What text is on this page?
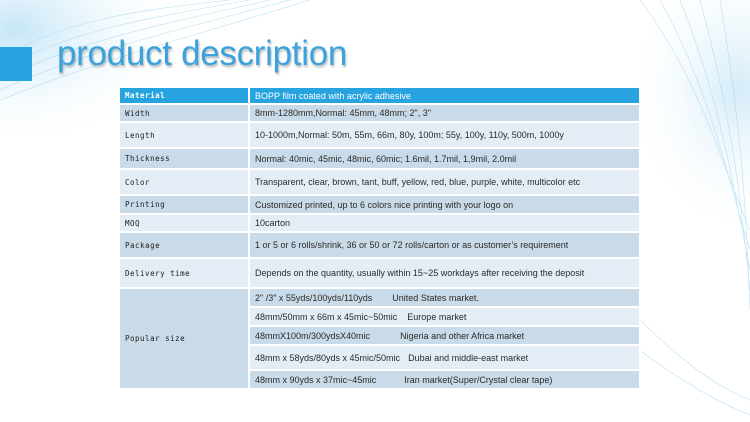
product description
Material	BOPP film coated with acrylic adhesive
Width	8mm-1280mm,Normal: 45mm, 48mm; 2", 3"
Length	10-1000m,Normal: 50m, 55m, 66m, 80y, 100m; 55y, 100y, 110y, 500m, 1000y
Thickness	Normal: 40mic, 45mic, 48mic, 60mic; 1.6mil, 1.7mil, 1,9mil, 2.0mil
Color	Transparent, clear, brown, tant, buff, yellow, red, blue, purple, white, multicolor etc
Printing	Customized printed, up to 6 colors nice printing with your logo on
MOQ	10carton
Package	1 or 5 or 6 rolls/shrink, 36 or 50 or 72 rolls/carton or as customer’s requirement
Delivery time	Depends on the quantity, usually within 15~25 workdays after receiving the deposit
Popular size	2" /3" x 55yds/100yds/110yds United States market.
	48mm/50mm x 66m x 45mic~50mic Europe market
	48mmX100m/300ydsX40mic Nigeria and other Africa market
	48mm x 58yds/80yds x 45mic/50mic Dubai and middle-east market
	48mm x 90yds x 37mic~45mic Iran market(Super/Crystal clear tape)
